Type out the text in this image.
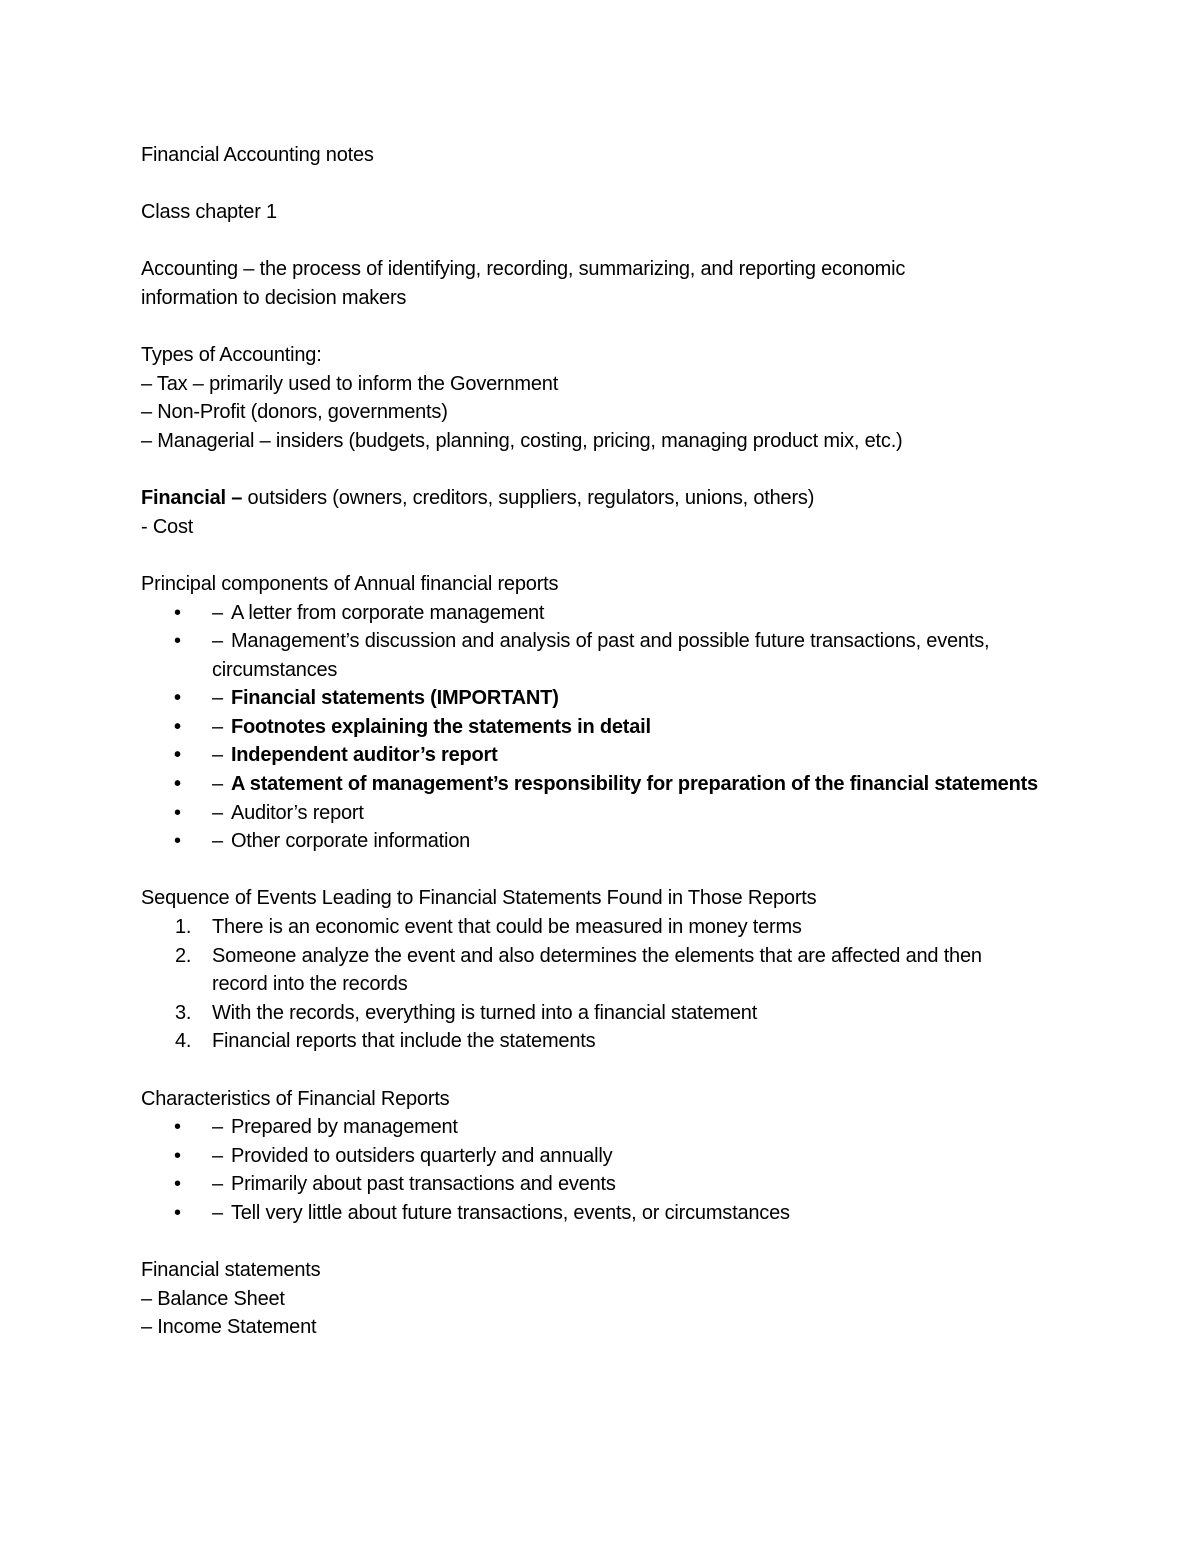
Financial Accounting notes

Class chapter 1

Accounting – the process of identifying, recording, summarizing, and reporting economic

information to decision makers

Types of Accounting:

– Tax – primarily used to inform the Government

– Non-Profit (donors, governments)

– Managerial – insiders (budgets, planning, costing, pricing, managing product mix, etc.)

Financial – outsiders (owners, creditors, suppliers, regulators, unions, others)

- Cost

Principal components of Annual financial reports

• – A letter from corporate management
• – Management’s discussion and analysis of past and possible future transactions, events, circumstances
• – Financial statements (IMPORTANT)
• – Footnotes explaining the statements in detail
• – Independent auditor’s report
• – A statement of management’s responsibility for preparation of the financial statements
• – Auditor’s report
• – Other corporate information

Sequence of Events Leading to Financial Statements Found in Those Reports

1. There is an economic event that could be measured in money terms
2. Someone analyze the event and also determines the elements that are affected and then record into the records
3. With the records, everything is turned into a financial statement
4. Financial reports that include the statements

Characteristics of Financial Reports

• – Prepared by management
• – Provided to outsiders quarterly and annually
• – Primarily about past transactions and events
• – Tell very little about future transactions, events, or circumstances

Financial statements

– Balance Sheet

– Income Statement
